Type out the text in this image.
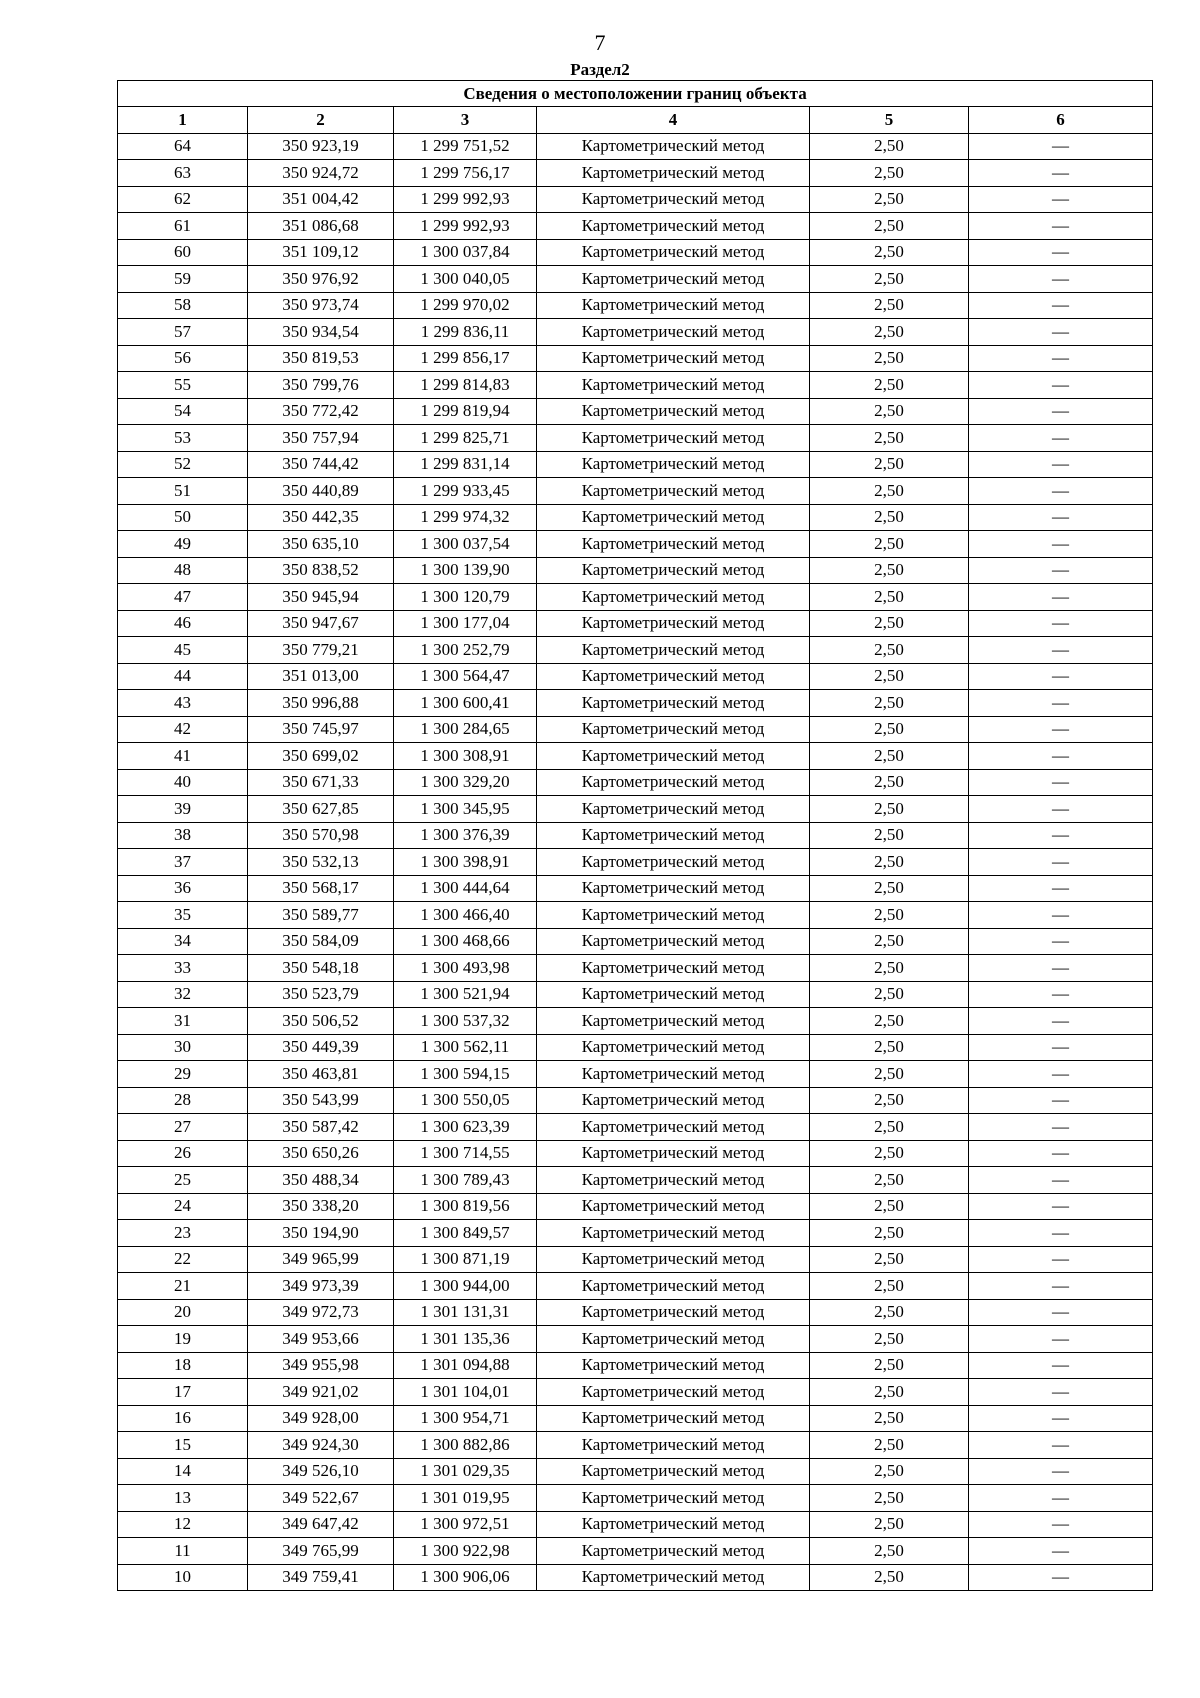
7
Раздел2
Сведения о местоположении границ объекта					
1	2	3	4	5	6
64	350 923,19	1 299 751,52	Картометрический метод	2,50	—
63	350 924,72	1 299 756,17	Картометрический метод	2,50	—
62	351 004,42	1 299 992,93	Картометрический метод	2,50	—
61	351 086,68	1 299 992,93	Картометрический метод	2,50	—
60	351 109,12	1 300 037,84	Картометрический метод	2,50	—
59	350 976,92	1 300 040,05	Картометрический метод	2,50	—
58	350 973,74	1 299 970,02	Картометрический метод	2,50	—
57	350 934,54	1 299 836,11	Картометрический метод	2,50	—
56	350 819,53	1 299 856,17	Картометрический метод	2,50	—
55	350 799,76	1 299 814,83	Картометрический метод	2,50	—
54	350 772,42	1 299 819,94	Картометрический метод	2,50	—
53	350 757,94	1 299 825,71	Картометрический метод	2,50	—
52	350 744,42	1 299 831,14	Картометрический метод	2,50	—
51	350 440,89	1 299 933,45	Картометрический метод	2,50	—
50	350 442,35	1 299 974,32	Картометрический метод	2,50	—
49	350 635,10	1 300 037,54	Картометрический метод	2,50	—
48	350 838,52	1 300 139,90	Картометрический метод	2,50	—
47	350 945,94	1 300 120,79	Картометрический метод	2,50	—
46	350 947,67	1 300 177,04	Картометрический метод	2,50	—
45	350 779,21	1 300 252,79	Картометрический метод	2,50	—
44	351 013,00	1 300 564,47	Картометрический метод	2,50	—
43	350 996,88	1 300 600,41	Картометрический метод	2,50	—
42	350 745,97	1 300 284,65	Картометрический метод	2,50	—
41	350 699,02	1 300 308,91	Картометрический метод	2,50	—
40	350 671,33	1 300 329,20	Картометрический метод	2,50	—
39	350 627,85	1 300 345,95	Картометрический метод	2,50	—
38	350 570,98	1 300 376,39	Картометрический метод	2,50	—
37	350 532,13	1 300 398,91	Картометрический метод	2,50	—
36	350 568,17	1 300 444,64	Картометрический метод	2,50	—
35	350 589,77	1 300 466,40	Картометрический метод	2,50	—
34	350 584,09	1 300 468,66	Картометрический метод	2,50	—
33	350 548,18	1 300 493,98	Картометрический метод	2,50	—
32	350 523,79	1 300 521,94	Картометрический метод	2,50	—
31	350 506,52	1 300 537,32	Картометрический метод	2,50	—
30	350 449,39	1 300 562,11	Картометрический метод	2,50	—
29	350 463,81	1 300 594,15	Картометрический метод	2,50	—
28	350 543,99	1 300 550,05	Картометрический метод	2,50	—
27	350 587,42	1 300 623,39	Картометрический метод	2,50	—
26	350 650,26	1 300 714,55	Картометрический метод	2,50	—
25	350 488,34	1 300 789,43	Картометрический метод	2,50	—
24	350 338,20	1 300 819,56	Картометрический метод	2,50	—
23	350 194,90	1 300 849,57	Картометрический метод	2,50	—
22	349 965,99	1 300 871,19	Картометрический метод	2,50	—
21	349 973,39	1 300 944,00	Картометрический метод	2,50	—
20	349 972,73	1 301 131,31	Картометрический метод	2,50	—
19	349 953,66	1 301 135,36	Картометрический метод	2,50	—
18	349 955,98	1 301 094,88	Картометрический метод	2,50	—
17	349 921,02	1 301 104,01	Картометрический метод	2,50	—
16	349 928,00	1 300 954,71	Картометрический метод	2,50	—
15	349 924,30	1 300 882,86	Картометрический метод	2,50	—
14	349 526,10	1 301 029,35	Картометрический метод	2,50	—
13	349 522,67	1 301 019,95	Картометрический метод	2,50	—
12	349 647,42	1 300 972,51	Картометрический метод	2,50	—
11	349 765,99	1 300 922,98	Картометрический метод	2,50	—
10	349 759,41	1 300 906,06	Картометрический метод	2,50	—
